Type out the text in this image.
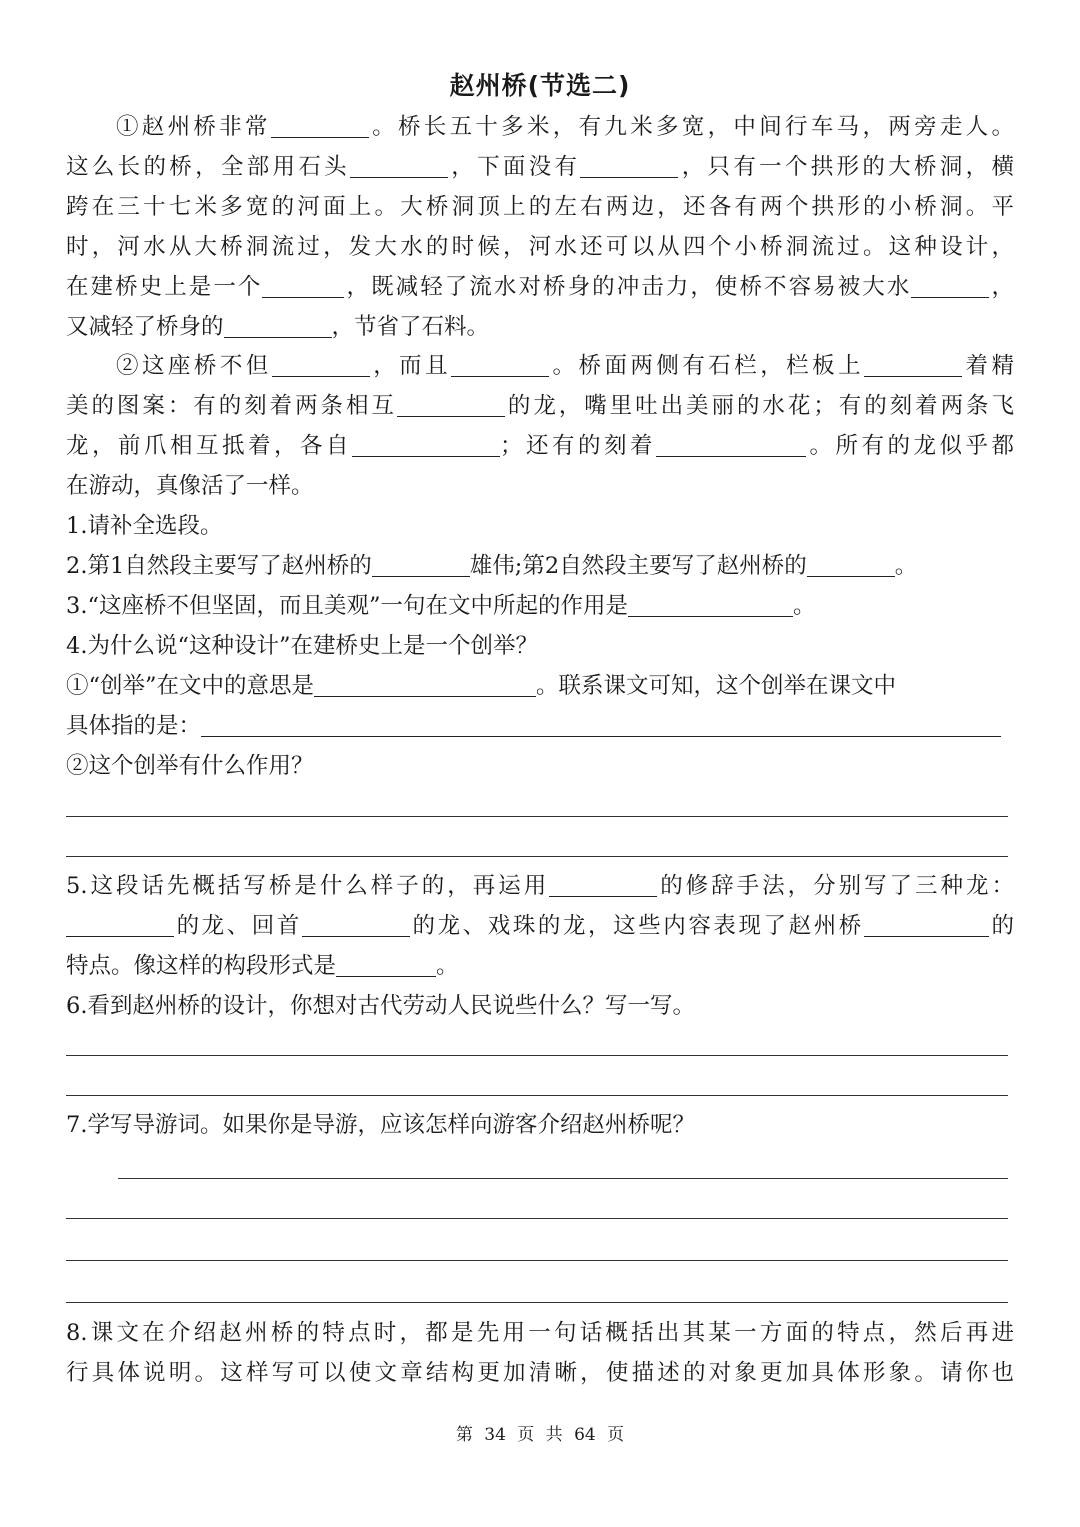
赵州桥(节选二)
①赵州桥非常	。桥长五十多米，有九米多宽，中间行车马，两旁走人。
这么长的桥，全部用石头	，下面没有	，只有一个拱形的大桥洞，横
跨在三十七米多宽的河面上。大桥洞顶上的左右两边，还各有两个拱形的小桥洞。平
时，河水从大桥洞流过，发大水的时候，河水还可以从四个小桥洞流过。这种设计，
在建桥史上是一个	，既减轻了流水对桥身的冲击力，使桥不容易被大水	，
又减轻了桥身的	，节省了石料。
②这座桥不但	，而且	。桥面两侧有石栏，栏板上	着精
美的图案：有的刻着两条相互	的龙，嘴里吐出美丽的水花；有的刻着两条飞
龙，前爪相互抵着，各自	；还有的刻着	。所有的龙似乎都
在游动，真像活了一样。
1.请补全选段。
2.第1自然段主要写了赵州桥的	雄伟;第2自然段主要写了赵州桥的	。
3.“这座桥不但坚固，而且美观”一句在文中所起的作用是	。
4.为什么说“这种设计”在建桥史上是一个创举？
①“创举”在文中的意思是	。联系课文可知，这个创举在课文中
具体指的是：
②这个创举有什么作用？
5.这段话先概括写桥是什么样子的，再运用	的修辞手法，分别写了三种龙：
的龙、回首	的龙、戏珠的龙，这些内容表现了赵州桥	的
特点。像这样的构段形式是	。
6.看到赵州桥的设计，你想对古代劳动人民说些什么？写一写。
7.学写导游词。如果你是导游，应该怎样向游客介绍赵州桥呢？
8.课文在介绍赵州桥的特点时，都是先用一句话概括出其某一方面的特点，然后再进
行具体说明。这样写可以使文章结构更加清晰，使描述的对象更加具体形象。请你也
第 34 页 共 64 页
